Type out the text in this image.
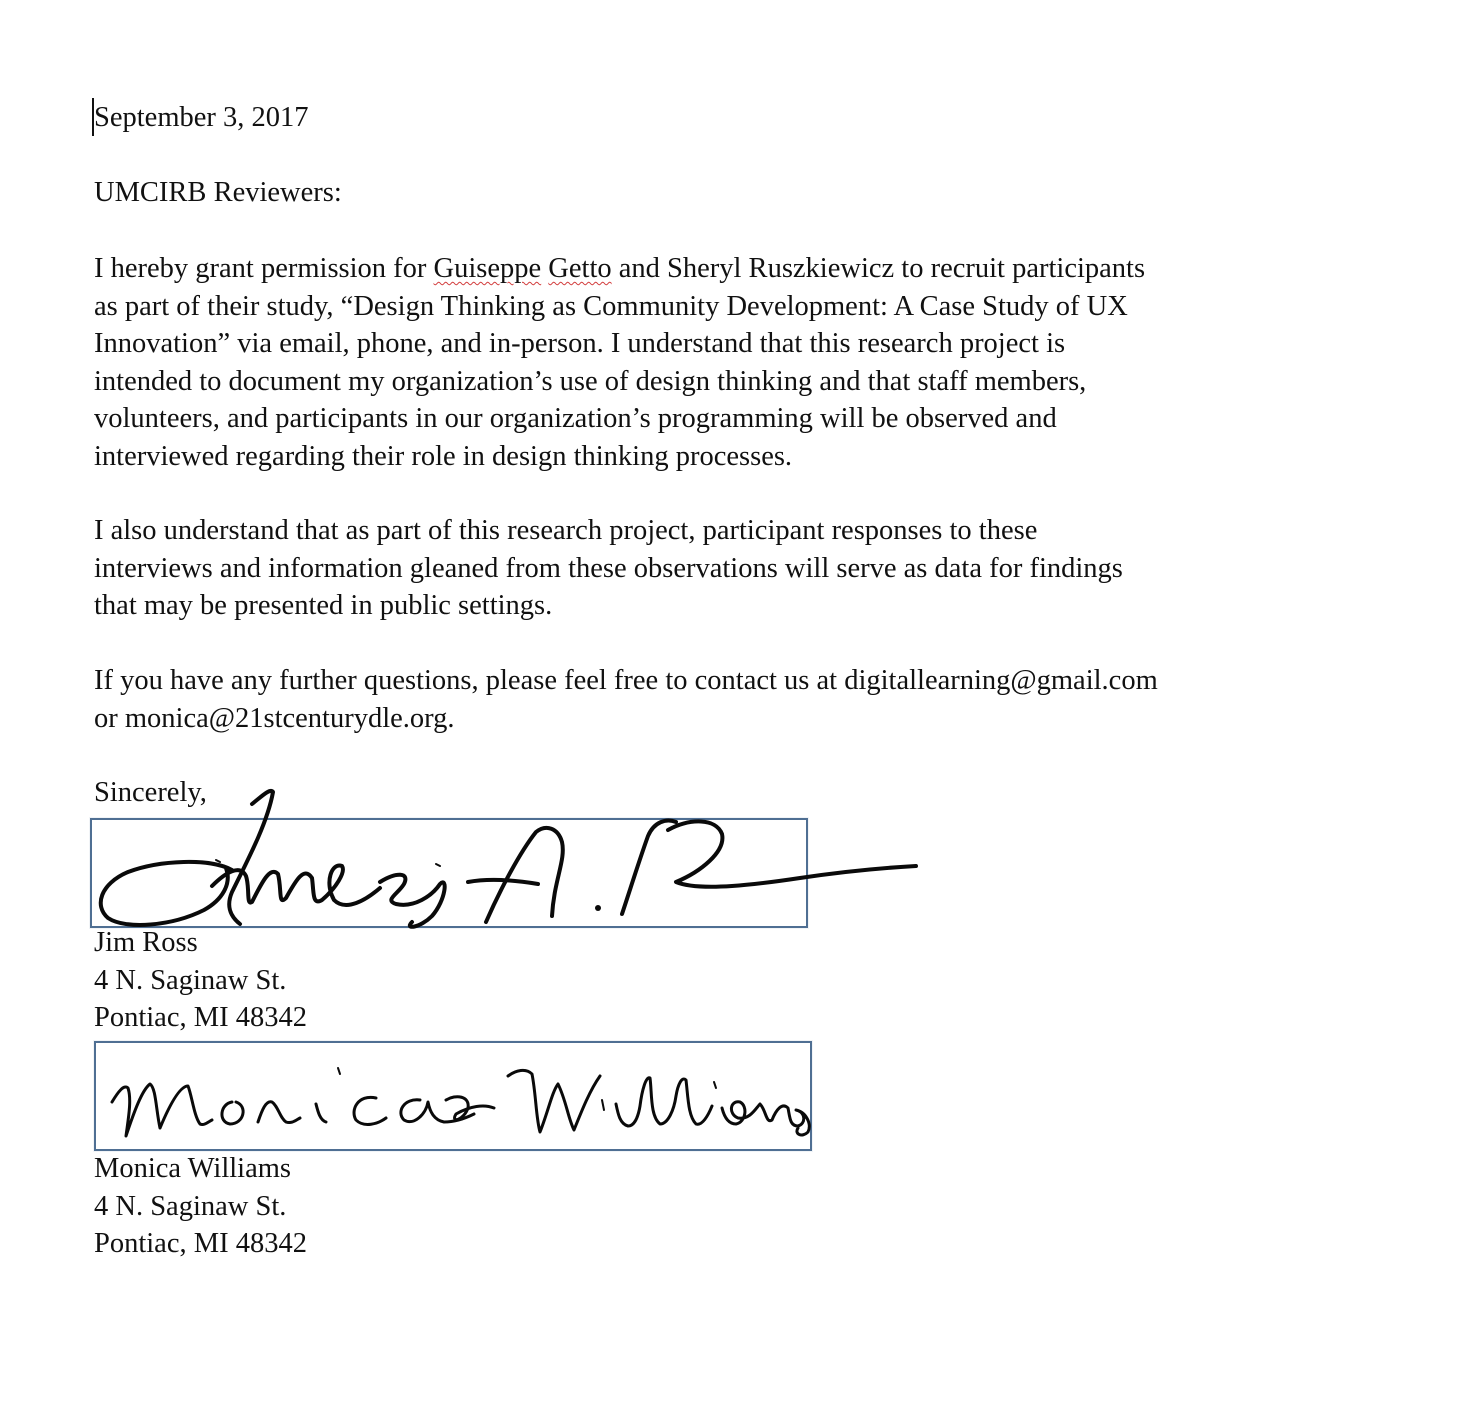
September 3, 2017
UMCIRB Reviewers:
I hereby grant permission for Guiseppe Getto and Sheryl Ruszkiewicz to recruit participants
as part of their study, “Design Thinking as Community Development: A Case Study of UX
Innovation” via email, phone, and in-person. I understand that this research project is
intended to document my organization’s use of design thinking and that staff members,
volunteers, and participants in our organization’s programming will be observed and
interviewed regarding their role in design thinking processes.
I also understand that as part of this research project, participant responses to these
interviews and information gleaned from these observations will serve as data for findings
that may be presented in public settings.
If you have any further questions, please feel free to contact us at digitallearning@gmail.com
or monica@21stcenturydle.org.
Sincerely,
Jim Ross
4 N. Saginaw St.
Pontiac, MI 48342
Monica Williams
4 N. Saginaw St.
Pontiac, MI 48342
